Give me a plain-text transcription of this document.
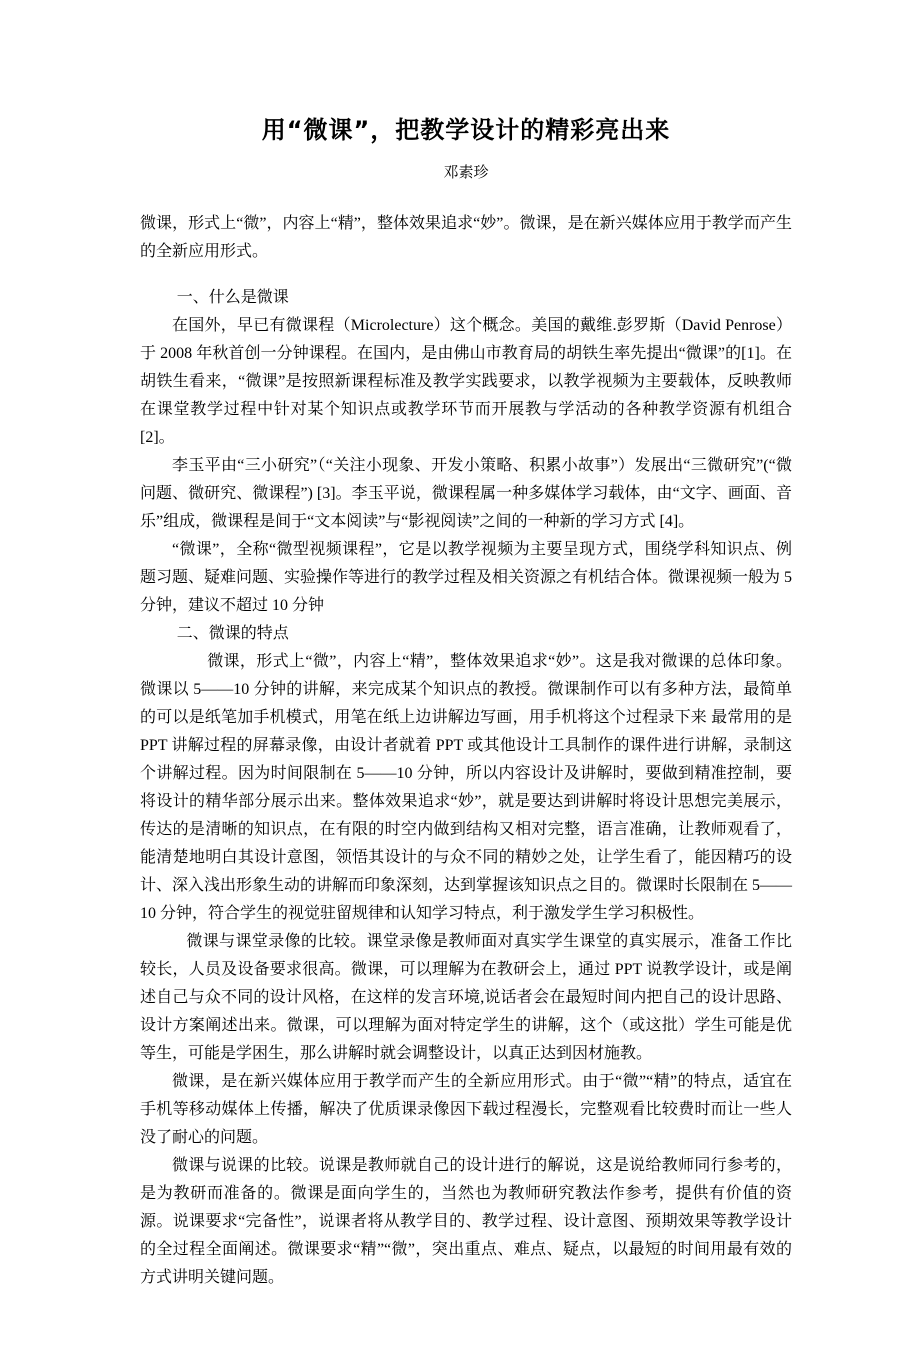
用“微课”，把教学设计的精彩亮出来
邓素珍

微课，形式上“微”，内容上“精”，整体效果追求“妙”。微课，是在新兴媒体应用于教学而产生的全新应用形式。

一、什么是微课

在国外，早已有微课程（Microlecture）这个概念。美国的戴维.彭罗斯（David Penrose）于 2008 年秋首创一分钟课程。在国内，是由佛山市教育局的胡铁生率先提出“微课”的[1]。在胡铁生看来，“微课”是按照新课程标准及教学实践要求，以教学视频为主要载体，反映教师在课堂教学过程中针对某个知识点或教学环节而开展教与学活动的各种教学资源有机组合[2]。

李玉平由“三小研究”（“关注小现象、开发小策略、积累小故事”）发展出“三微研究”(“微问题、微研究、微课程”) [3]。李玉平说，微课程属一种多媒体学习载体，由“文字、画面、音乐”组成，微课程是间于“文本阅读”与“影视阅读”之间的一种新的学习方式 [4]。

“微课”，全称“微型视频课程”，它是以教学视频为主要呈现方式，围绕学科知识点、例题习题、疑难问题、实验操作等进行的教学过程及相关资源之有机结合体。微课视频一般为 5 分钟，建议不超过 10 分钟

二、微课的特点

微课，形式上“微”，内容上“精”，整体效果追求“妙”。这是我对微课的总体印象。微课以 5——10 分钟的讲解，来完成某个知识点的教授。微课制作可以有多种方法，最简单的可以是纸笔加手机模式，用笔在纸上边讲解边写画，用手机将这个过程录下来 最常用的是 PPT 讲解过程的屏幕录像，由设计者就着 PPT 或其他设计工具制作的课件进行讲解，录制这个讲解过程。因为时间限制在 5——10 分钟，所以内容设计及讲解时，要做到精准控制，要将设计的精华部分展示出来。整体效果追求“妙”，就是要达到讲解时将设计思想完美展示，传达的是清晰的知识点，在有限的时空内做到结构又相对完整，语言准确，让教师观看了，能清楚地明白其设计意图，领悟其设计的与众不同的精妙之处，让学生看了，能因精巧的设计、深入浅出形象生动的讲解而印象深刻，达到掌握该知识点之目的。微课时长限制在 5——10 分钟，符合学生的视觉驻留规律和认知学习特点，利于激发学生学习积极性。

微课与课堂录像的比较。课堂录像是教师面对真实学生课堂的真实展示，准备工作比较长，人员及设备要求很高。微课，可以理解为在教研会上，通过 PPT 说教学设计，或是阐述自己与众不同的设计风格，在这样的发言环境,说话者会在最短时间内把自己的设计思路、设计方案阐述出来。微课，可以理解为面对特定学生的讲解，这个（或这批）学生可能是优等生，可能是学困生，那么讲解时就会调整设计，以真正达到因材施教。

微课，是在新兴媒体应用于教学而产生的全新应用形式。由于“微”“精”的特点，适宜在手机等移动媒体上传播，解决了优质课录像因下载过程漫长，完整观看比较费时而让一些人没了耐心的问题。

微课与说课的比较。说课是教师就自己的设计进行的解说，这是说给教师同行参考的，是为教研而准备的。微课是面向学生的，当然也为教师研究教法作参考，提供有价值的资源。说课要求“完备性”，说课者将从教学目的、教学过程、设计意图、预期效果等教学设计的全过程全面阐述。微课要求“精”“微”，突出重点、难点、疑点，以最短的时间用最有效的方式讲明关键问题。
